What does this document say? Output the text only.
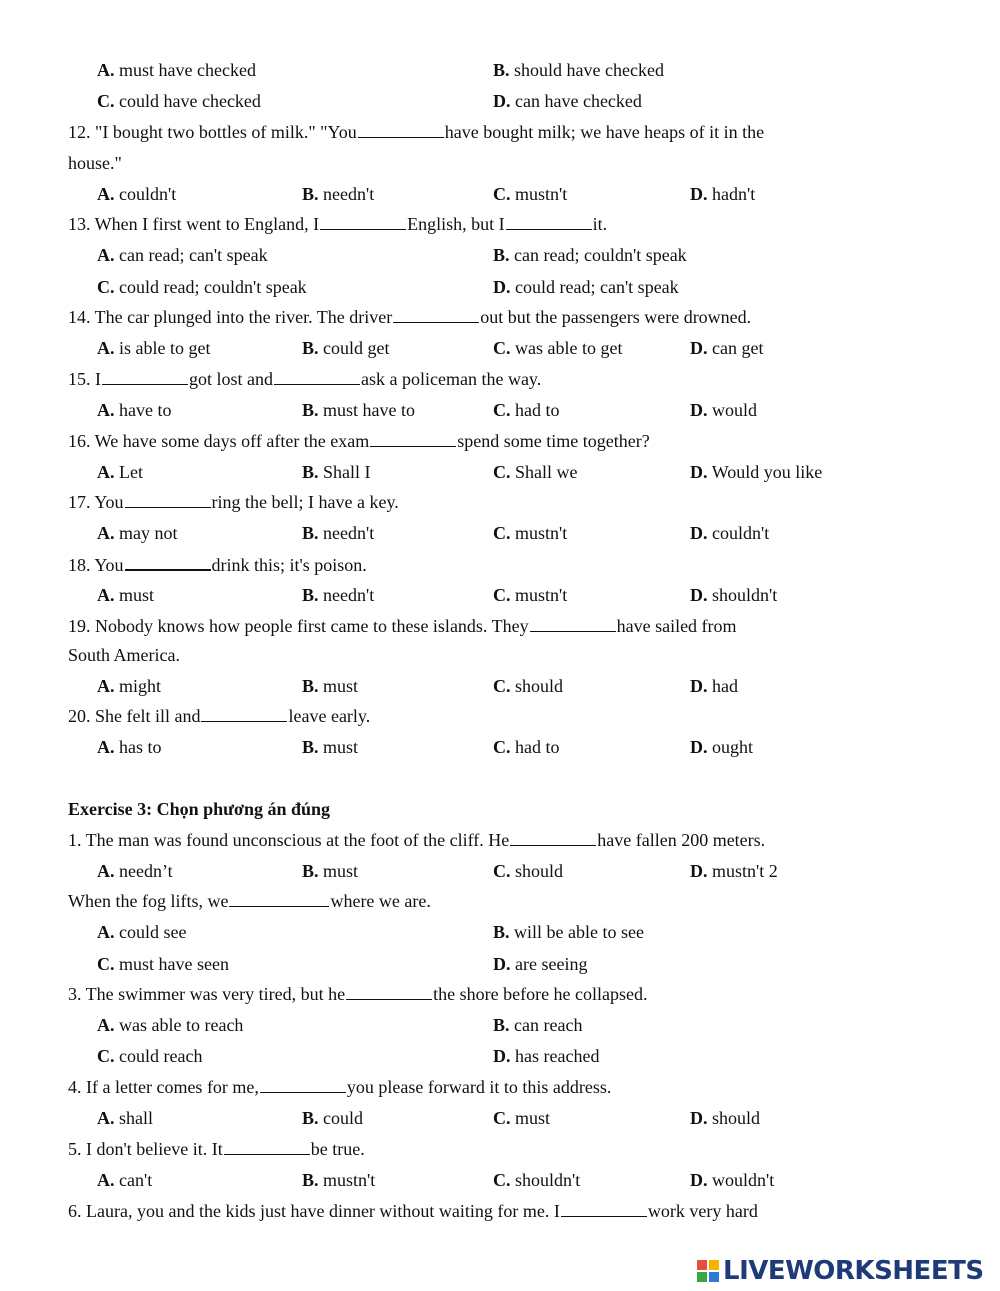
A. must have checked	B. should have checked
C. could have checked	D. can have checked
12. "I bought two bottles of milk." "You	have bought milk; we have heaps of it in the
house."
A. couldn't	B. needn't	C. mustn't	D. hadn't
13. When I first went to England, I	English, but I	it.
A. can read; can't speak	B. can read; couldn't speak
C. could read; couldn't speak	D. could read; can't speak
14. The car plunged into the river. The driver	out but the passengers were drowned.
A. is able to get	B. could get	C. was able to get	D. can get
15. I	got lost and	ask a policeman the way.
A. have to	B. must have to	C. had to	D. would
16. We have some days off after the exam	spend some time together?
A. Let	B. Shall I	C. Shall we	D. Would you like
17. You	ring the bell; I have a key.
A. may not	B. needn't	C. mustn't	D. couldn't
18. You	drink this; it's poison.
A. must	B. needn't	C. mustn't	D. shouldn't
19. Nobody knows how people first came to these islands. They	have sailed from
South America.
A. might	B. must	C. should	D. had
20. She felt ill and	leave early.
A. has to	B. must	C. had to	D. ought
Exercise 3: Chọn phương án đúng
1. The man was found unconscious at the foot of the cliff. He	have fallen 200 meters.
A. needn’t	B. must	C. should	D. mustn't 2
When the fog lifts, we	where we are.
A. could see	B. will be able to see
C. must have seen	D. are seeing
3. The swimmer was very tired, but he	the shore before he collapsed.
A. was able to reach	B. can reach
C. could reach	D. has reached
4. If a letter comes for me,	you please forward it to this address.
A. shall	B. could	C. must	D. should
5. I don't believe it. It	be true.
A. can't	B. mustn't	C. shouldn't	D. wouldn't
6. Laura, you and the kids just have dinner without waiting for me. I	work very hard
LIVEWORKSHEETS
